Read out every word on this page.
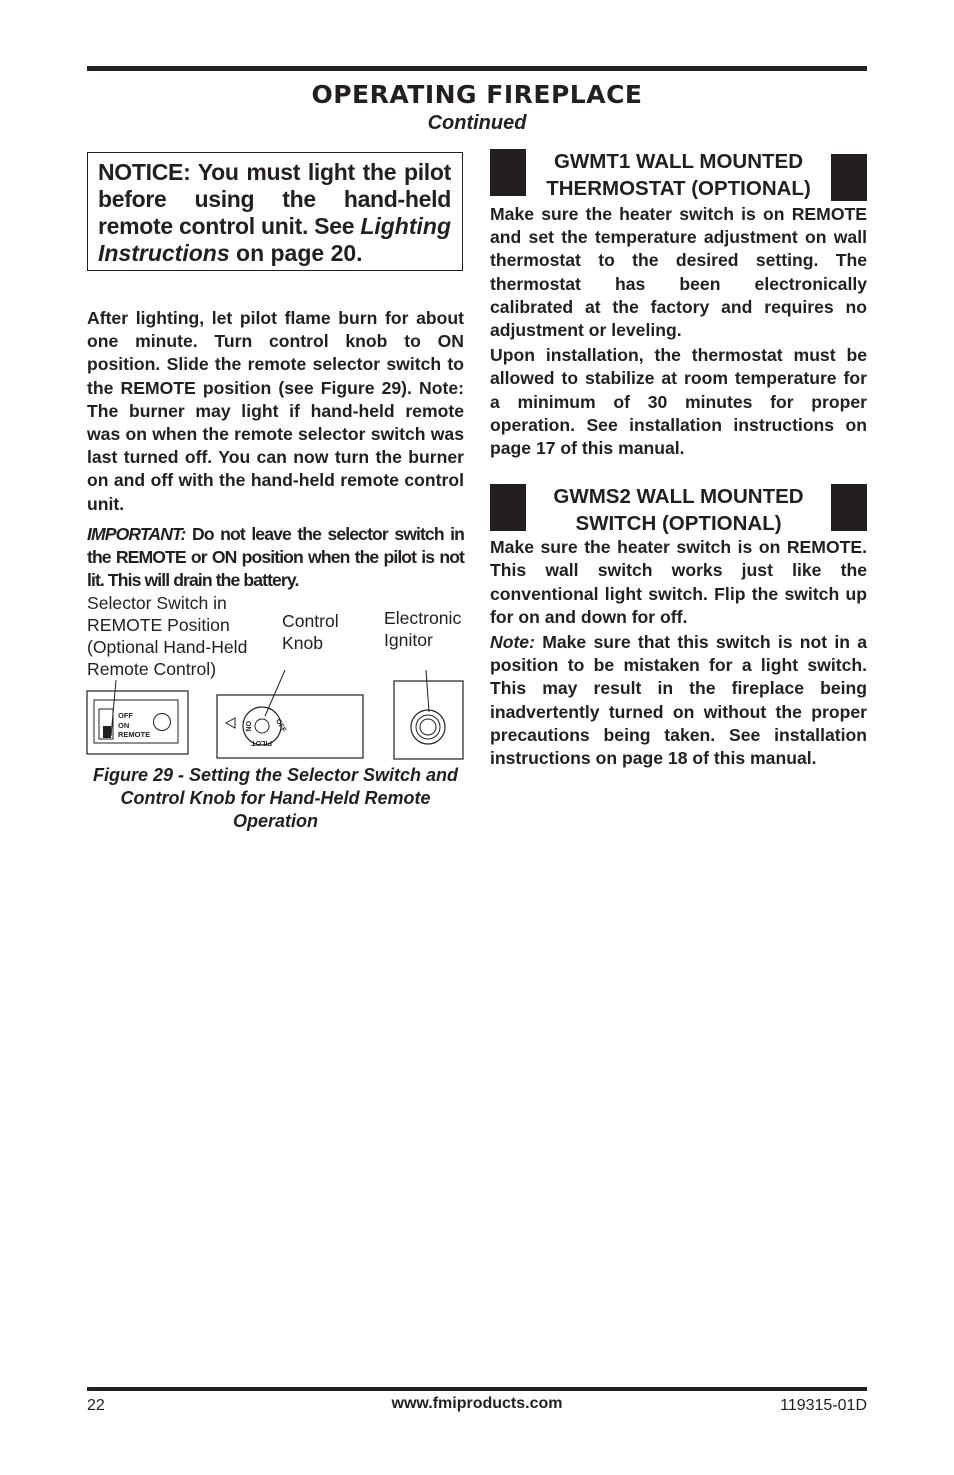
OPERATING FIREPLACE
Continued
NOTICE: You must light the pilot before using the hand-held remote control unit. See Lighting Instructions on page 20.

After lighting, let pilot flame burn for about one minute. Turn control knob to ON position. Slide the remote selector switch to the REMOTE position (see Figure 29). Note: The burner may light if hand-held remote was on when the remote selector switch was last turned off. You can now turn the burner on and off with the hand-held remote control unit.

IMPORTANT: Do not leave the selector switch in the REMOTE or ON position when the pilot is not lit. This will drain the battery.

Selector Switch in
REMOTE Position
(Optional Hand-Held
Remote Control)
Control
Knob
Electronic
Ignitor
OFF
ON
REMOTE
ON	OFF
PILOT
Figure 29 - Setting the Selector Switch and Control Knob for Hand-Held Remote Operation
GWMT1 WALL MOUNTED
THERMOSTAT (OPTIONAL)

Make sure the heater switch is on REMOTE and set the temperature adjustment on wall thermostat to the desired setting. The thermostat has been electronically calibrated at the factory and requires no adjustment or leveling.

Upon installation, the thermostat must be allowed to stabilize at room temperature for a minimum of 30 minutes for proper operation. See installation instructions on page 17 of this manual.

GWMS2 WALL MOUNTED
SWITCH (OPTIONAL)

Make sure the heater switch is on REMOTE. This wall switch works just like the conventional light switch. Flip the switch up for on and down for off.

Note: Make sure that this switch is not in a position to be mistaken for a light switch. This may result in the fireplace being inadvertently turned on without the proper precautions being taken. See installation instructions on page 18 of this manual.

22	www.fmiproducts.com	119315-01D
